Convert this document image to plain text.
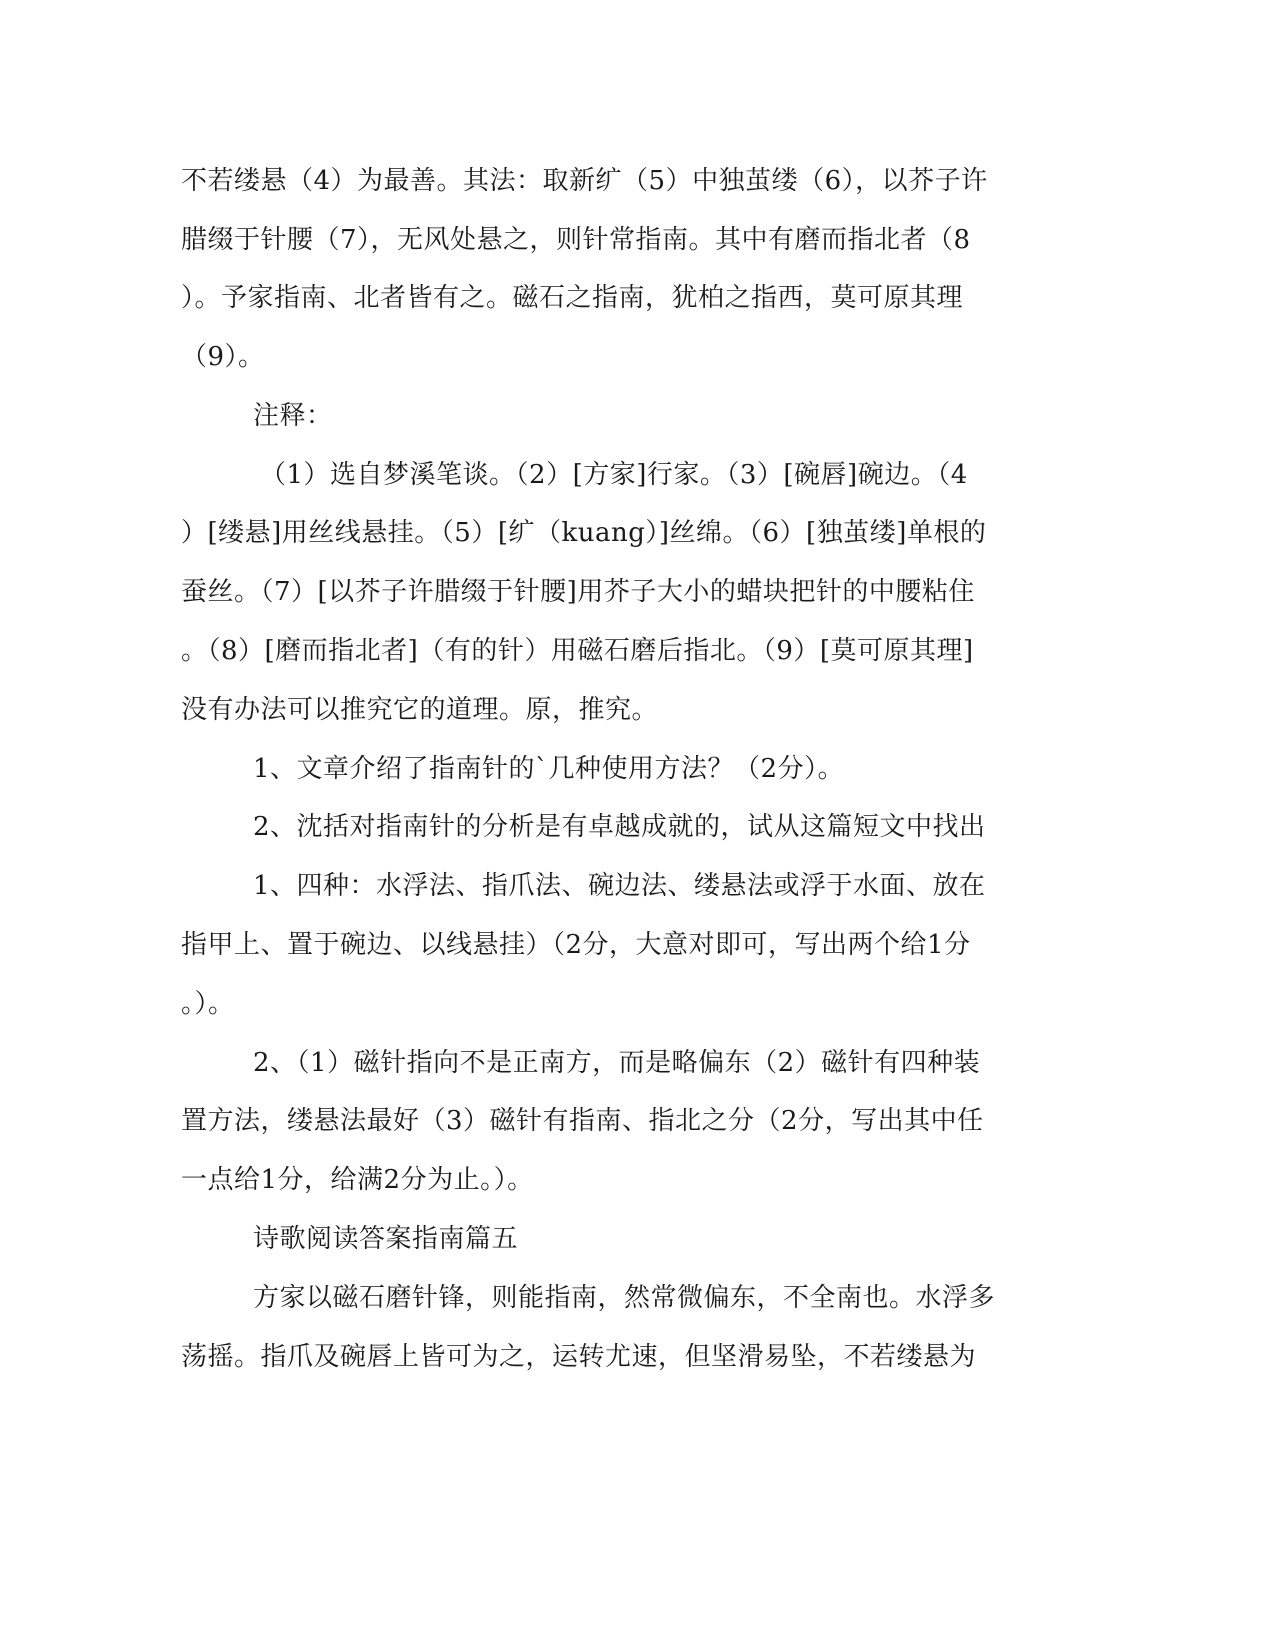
不若缕悬（4）为最善。其法：取新纩（5）中独茧缕（6），以芥子许
腊缀于针腰（7），无风处悬之，则针常指南。其中有磨而指北者（8
）。予家指南、北者皆有之。磁石之指南，犹柏之指西，莫可原其理
（9）。
注释：
（1）选自梦溪笔谈。（2）[方家]行家。（3）[碗唇]碗边。（4
）[缕悬]用丝线悬挂。（5）[纩（kuang）]丝绵。（6）[独茧缕]单根的
蚕丝。（7）[以芥子许腊缀于针腰]用芥子大小的蜡块把针的中腰粘住
。（8）[磨而指北者]（有的针）用磁石磨后指北。（9）[莫可原其理]
没有办法可以推究它的道理。原，推究。
1、文章介绍了指南针的`几种使用方法？（2分）。
2、沈括对指南针的分析是有卓越成就的，试从这篇短文中找出
1、四种：水浮法、指爪法、碗边法、缕悬法或浮于水面、放在
指甲上、置于碗边、以线悬挂）（2分，大意对即可，写出两个给1分
。）。
2、（1）磁针指向不是正南方，而是略偏东（2）磁针有四种装
置方法，缕悬法最好（3）磁针有指南、指北之分（2分，写出其中任
一点给1分，给满2分为止。）。
诗歌阅读答案指南篇五
方家以磁石磨针锋，则能指南，然常微偏东，不全南也。水浮多
荡摇。指爪及碗唇上皆可为之，运转尤速，但坚滑易坠，不若缕悬为
